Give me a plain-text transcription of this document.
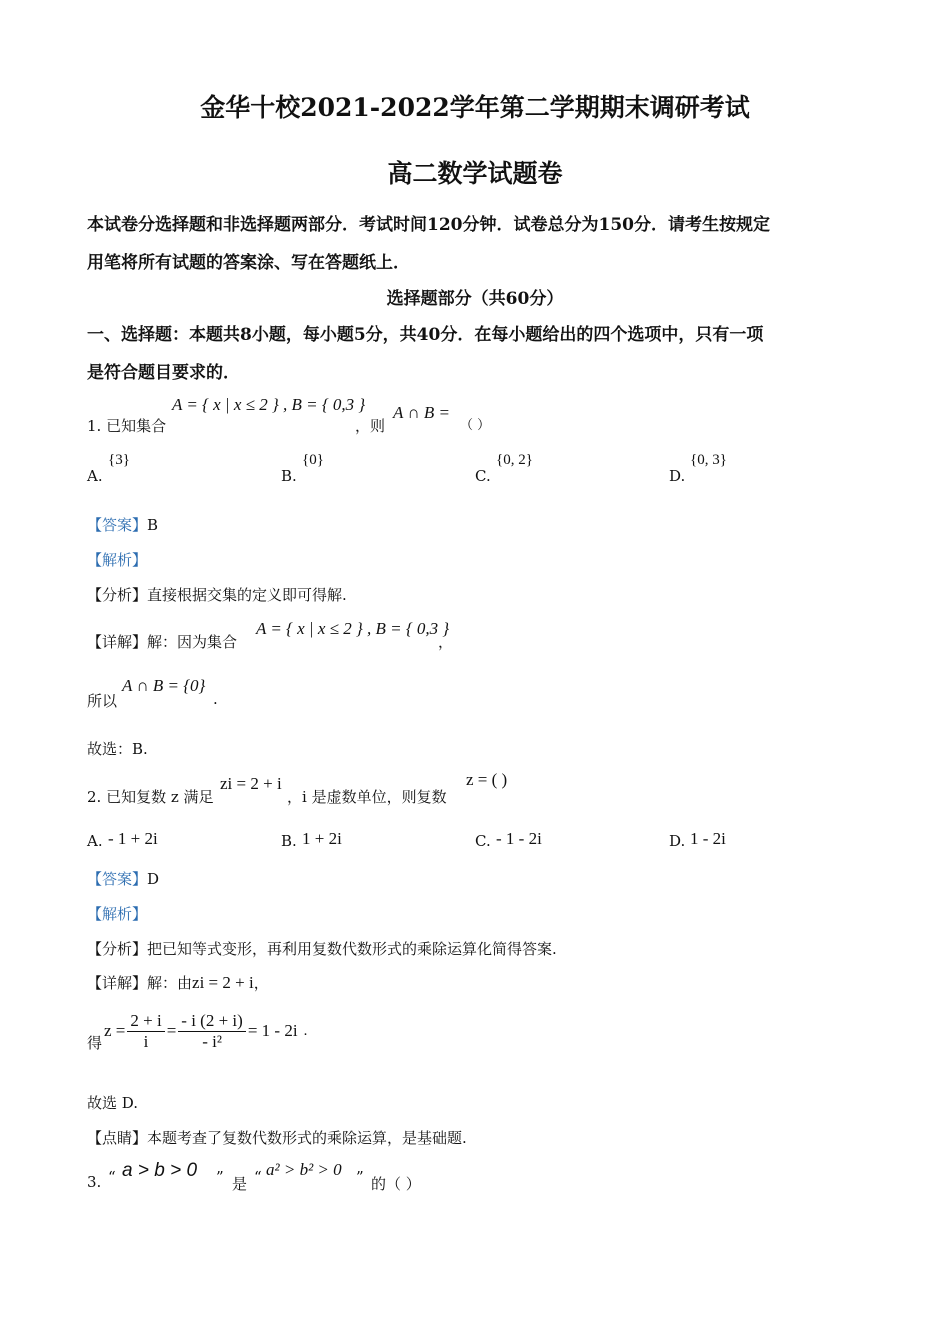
金华十校2021-2022学年第二学期期末调研考试
高二数学试题卷
本试卷分选择题和非选择题两部分．考试时间120分钟．试卷总分为150分．请考生按规定
用笔将所有试题的答案涂、写在答题纸上．
选择题部分（共60分）
一、选择题：本题共8小题，每小题5分，共40分．在每小题给出的四个选项中，只有一项
是符合题目要求的．
1. 已知集合
A = { x | x ≤ 2 } , B = { 0,3 }
，则
A ∩ B =
（ ）
A.
{3}
B.
{0}
C.
{0, 2}
D.
{0, 3}
【答案】B
【解析】
【分析】直接根据交集的定义即可得解.
【详解】解：因为集合
A = { x | x ≤ 2 } , B = { 0,3 }
，
所以
A ∩ B = {0}
.
故选：B.
2. 已知复数 z 满足
zi = 2 + i
，i 是虚数单位，则复数
z = ( )
A. - 1 + 2i	B. 1 + 2i	C. - 1 - 2i	D. 1 - 2i
【答案】D
【解析】
【分析】把已知等式变形，再利用复数代数形式的乘除运算化简得答案.
【详解】解：由zi = 2 + i，
得
$z = \frac{2 + i}{i} = \frac{- i (2 + i)}{\text{- i²}} = 1 - 2i$ .
故选 D.
【点睛】本题考查了复数代数形式的乘除运算，是基础题.
3. “ a > b > 0 ” 是 “ a² > b² > 0 ” 的（ ）
